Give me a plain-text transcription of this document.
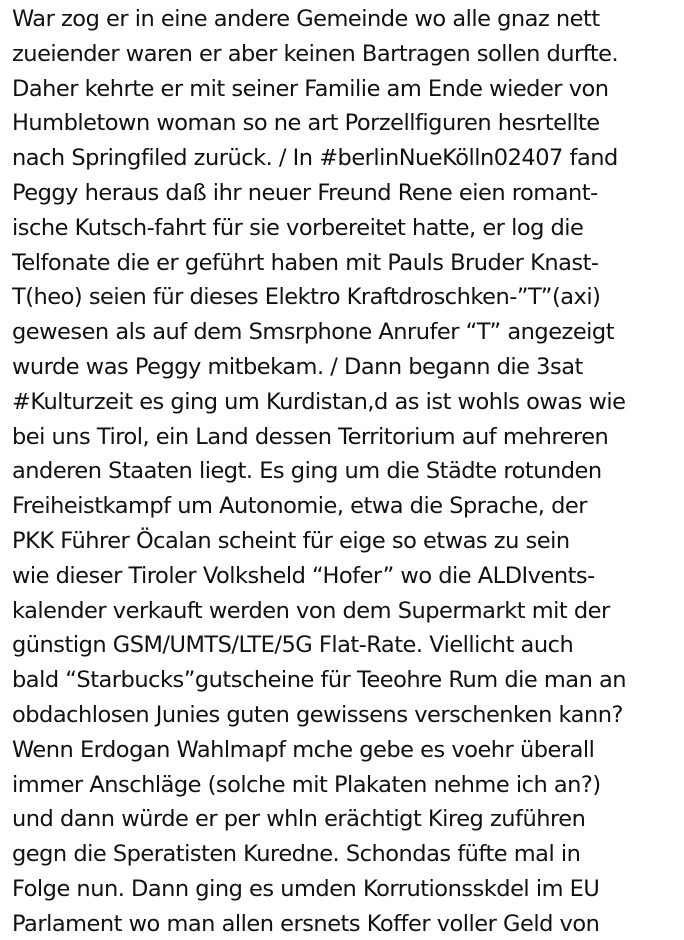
War zog er in eine andere Gemeinde wo alle gnaz nett
zueiender waren er aber keinen Bartragen sollen durfte.
Daher kehrte er mit seiner Familie am Ende wieder von
Humbletown woman so ne art Porzellfiguren hesrtellte
nach Springfiled zurück. / In #berlinNueKölln02407 fand
Peggy heraus daß ihr neuer Freund Rene eien romant-
ische Kutsch-fahrt für sie vorbereitet hatte, er log die
Telfonate die er geführt haben mit Pauls Bruder Knast-
T(heo) seien für dieses Elektro Kraftdroschken-”T”(axi)
gewesen als auf dem Smsrphone Anrufer “T” angezeigt
wurde was Peggy mitbekam. / Dann begann die 3sat
#Kulturzeit es ging um Kurdistan,d as ist wohls owas wie
bei uns Tirol, ein Land dessen Territorium auf mehreren
anderen Staaten liegt. Es ging um die Städte rotunden
Freiheistkampf um Autonomie, etwa die Sprache, der
PKK Führer Öcalan scheint für eige so etwas zu sein
wie dieser Tiroler Volksheld “Hofer” wo die ALDIvents-
kalender verkauft werden von dem Supermarkt mit der
günstign GSM/UMTS/LTE/5G Flat-Rate. Viellicht auch
bald “Starbucks”gutscheine für Teeohre Rum die man an
obdachlosen Junies guten gewissens verschenken kann?
Wenn Erdogan Wahlmapf mche gebe es voehr überall
immer Anschläge (solche mit Plakaten nehme ich an?)
und dann würde er per whln erächtigt Kireg zuführen
gegn die Speratisten Kuredne. Schondas füfte mal in
Folge nun. Dann ging es umden Korrutionsskdel im EU
Parlament wo man allen ersnets Koffer voller Geld von
